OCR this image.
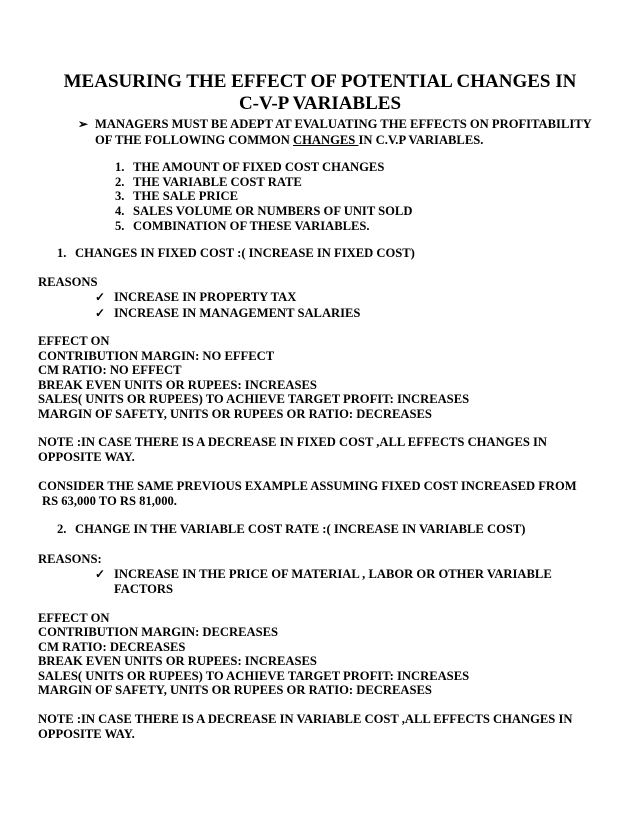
MEASURING THE EFFECT OF POTENTIAL CHANGES IN
C-V-P VARIABLES
➢ MANAGERS MUST BE ADEPT AT EVALUATING THE EFFECTS ON PROFITABILITY
OF THE FOLLOWING COMMON CHANGES IN C.V.P VARIABLES.
1. THE AMOUNT OF FIXED COST CHANGES
2. THE VARIABLE COST RATE
3. THE SALE PRICE
4. SALES VOLUME OR NUMBERS OF UNIT SOLD
5. COMBINATION OF THESE VARIABLES.
1. CHANGES IN FIXED COST :( INCREASE IN FIXED COST)
REASONS
✓ INCREASE IN PROPERTY TAX
✓ INCREASE IN MANAGEMENT SALARIES
EFFECT ON
CONTRIBUTION MARGIN: NO EFFECT
CM RATIO: NO EFFECT
BREAK EVEN UNITS OR RUPEES: INCREASES
SALES( UNITS OR RUPEES) TO ACHIEVE TARGET PROFIT: INCREASES
MARGIN OF SAFETY, UNITS OR RUPEES OR RATIO: DECREASES
NOTE :IN CASE THERE IS A DECREASE IN FIXED COST ,ALL EFFECTS CHANGES IN
OPPOSITE WAY.
CONSIDER THE SAME PREVIOUS EXAMPLE ASSUMING FIXED COST INCREASED FROM
RS 63,000 TO RS 81,000.
2. CHANGE IN THE VARIABLE COST RATE :( INCREASE IN VARIABLE COST)
REASONS:
✓ INCREASE IN THE PRICE OF MATERIAL , LABOR OR OTHER VARIABLE
FACTORS
EFFECT ON
CONTRIBUTION MARGIN: DECREASES
CM RATIO: DECREASES
BREAK EVEN UNITS OR RUPEES: INCREASES
SALES( UNITS OR RUPEES) TO ACHIEVE TARGET PROFIT: INCREASES
MARGIN OF SAFETY, UNITS OR RUPEES OR RATIO: DECREASES
NOTE :IN CASE THERE IS A DECREASE IN VARIABLE COST ,ALL EFFECTS CHANGES IN
OPPOSITE WAY.
